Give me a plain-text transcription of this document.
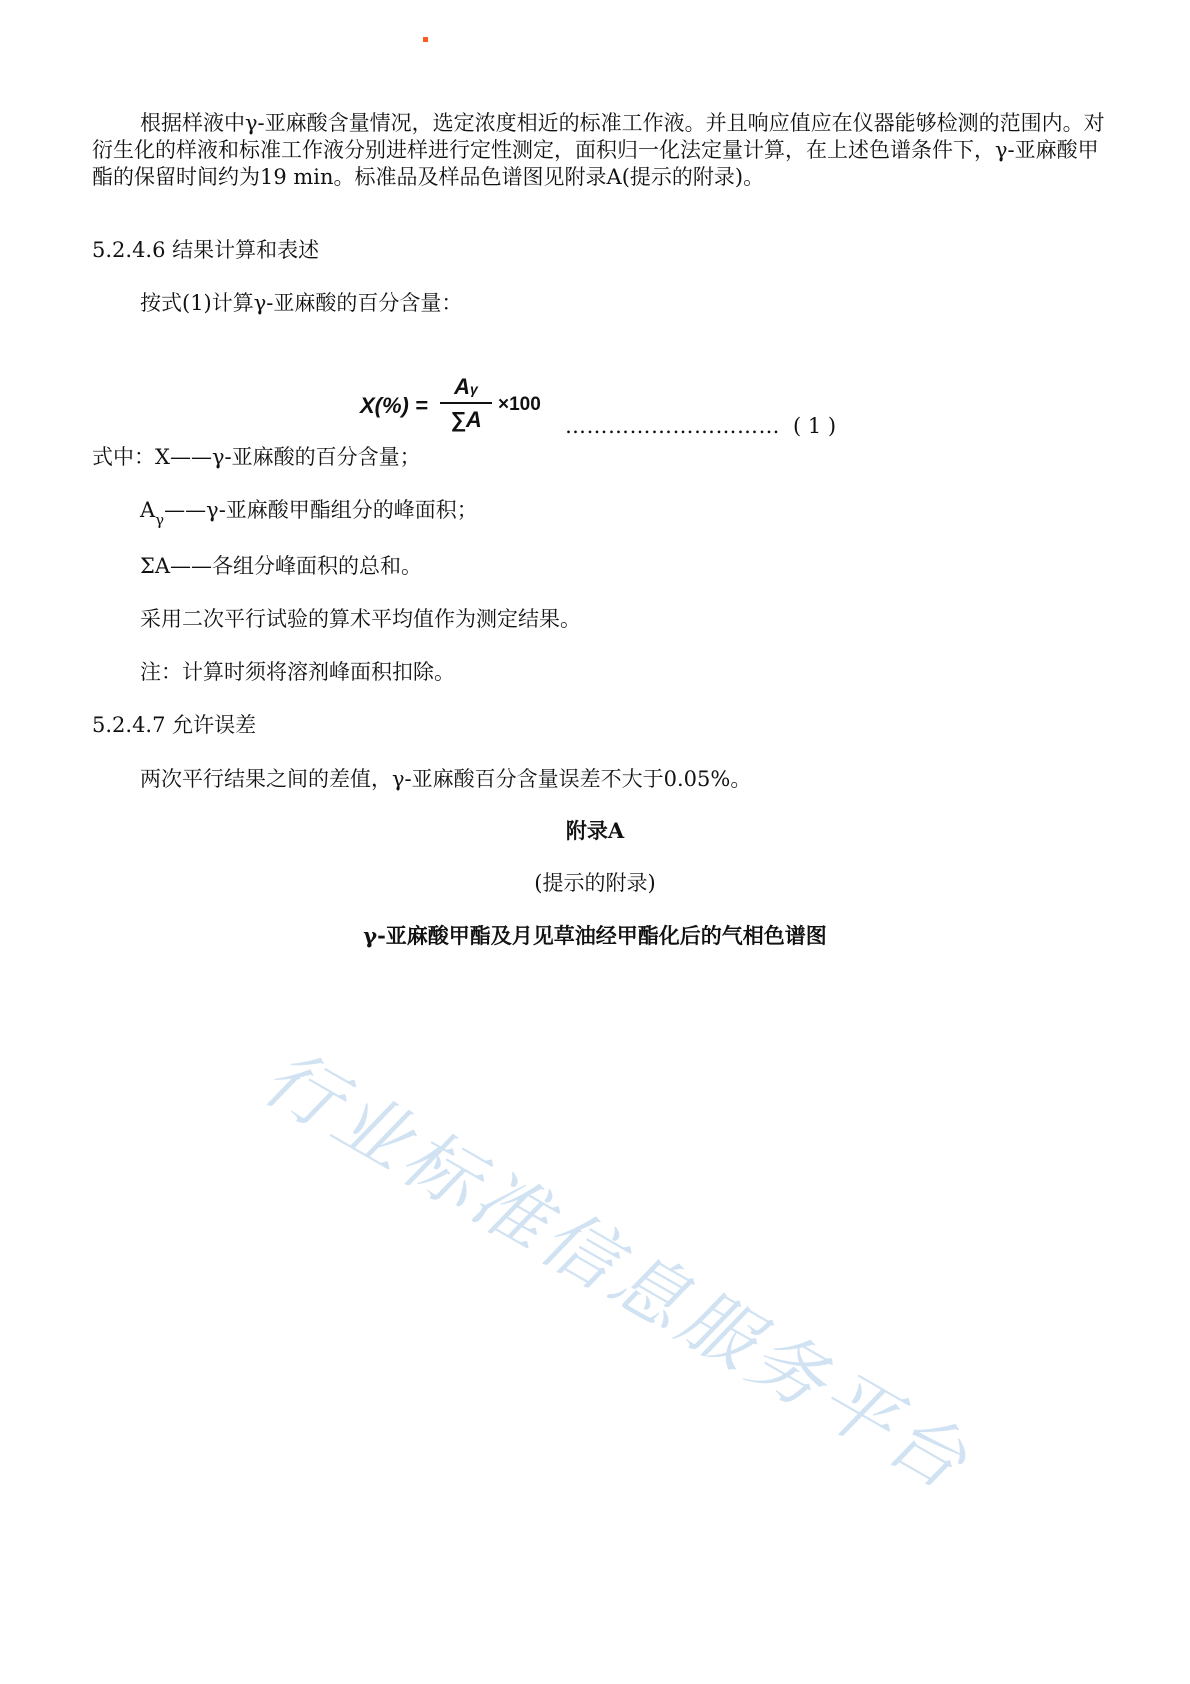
根据样液中γ-亚麻酸含量情况，选定浓度相近的标准工作液。并且响应值应在仪器能够检测的范围内。对衍生化的样液和标准工作液分别进样进行定性测定，面积归一化法定量计算，在上述色谱条件下，γ-亚麻酸甲酯的保留时间约为19 min。标准品及样品色谱图见附录A(提示的附录)。

5.2.4.6 结果计算和表述

按式(1)计算γ-亚麻酸的百分含量：

X(%) =
Aγ
∑A
×100
………………………… ( 1 )

式中：X——γ-亚麻酸的百分含量；

$A_\gamma——\gamma-$亚麻酸甲酯组分的峰面积；

ΣA——各组分峰面积的总和。

采用二次平行试验的算术平均值作为测定结果。

注：计算时须将溶剂峰面积扣除。

5.2.4.7 允许误差

两次平行结果之间的差值，γ-亚麻酸百分含量误差不大于0.05%。

附录A

(提示的附录)

γ-亚麻酸甲酯及月见草油经甲酯化后的气相色谱图

行业标准信息服务平台
